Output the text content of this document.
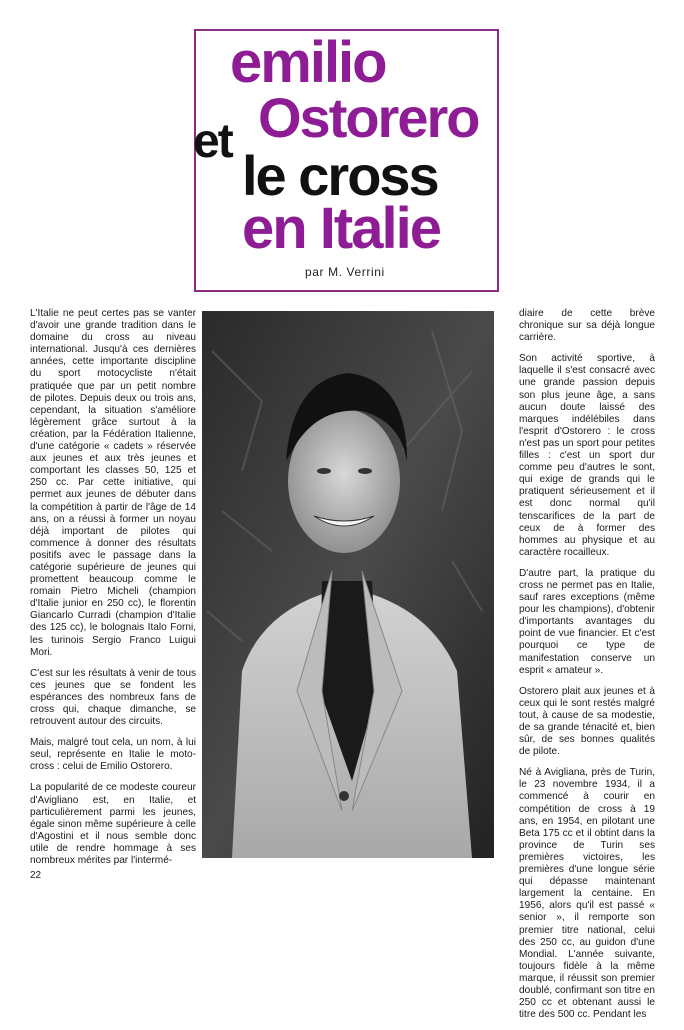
emilio
Ostorero
et
le cross
en Italie
par M. Verrini

L'Italie ne peut certes pas se vanter d'avoir une grande tradition dans le domaine du cross au niveau international. Jusqu'à ces dernières années, cette importante discipline du sport motocycliste n'était pratiquée que par un petit nombre de pilotes. Depuis deux ou trois ans, cependant, la situation s'améliore légèrement grâce surtout à la création, par la Fédération Italienne, d'une catégorie « cadets » réservée aux jeunes et aux très jeunes et comportant les classes 50, 125 et 250 cc. Par cette initiative, qui permet aux jeunes de débuter dans la compétition à partir de l'âge de 14 ans, on a réussi à former un noyau déjà important de pilotes qui commence à donner des résultats positifs avec le passage dans la catégorie supérieure de jeunes qui promettent beaucoup comme le romain Pietro Micheli (champion d'Italie junior en 250 cc), le florentin Giancarlo Curradi (champion d'Italie des 125 cc), le bolognais Italo Forni, les turinois Sergio Franco Luigui Mori.

C'est sur les résultats à venir de tous ces jeunes que se fondent les espérances des nombreux fans de cross qui, chaque dimanche, se retrouvent autour des circuits.

Mais, malgré tout cela, un nom, à lui seul, représente en Italie le moto-cross : celui de Emilio Ostorero.

La popularité de ce modeste coureur d'Avigliano est, en Italie, et particulièrement parmi les jeunes, égale sinon même supérieure à celle d'Agostini et il nous semble donc utile de rendre hommage à ses nombreux mérites par l'intermé-

diaire de cette brève chronique sur sa déjà longue carrière.

Son activité sportive, à laquelle il s'est consacré avec une grande passion depuis son plus jeune âge, a sans aucun doute laissé des marques indélébiles dans l'esprit d'Ostorero : le cross n'est pas un sport pour petites filles : c'est un sport dur comme peu d'autres le sont, qui exige de grands qui le pratiquent sérieusement et il est donc normal qu'il tenscarifices de la part de ceux de à former des hommes au physique et au caractère rocailleux.

D'autre part, la pratique du cross ne permet pas en Italie, sauf rares exceptions (même pour les champions), d'obtenir d'importants avantages du point de vue financier. Et c'est pourquoi ce type de manifestation conserve un esprit « amateur ».

Ostorero plait aux jeunes et à ceux qui le sont restés malgré tout, à cause de sa modestie, de sa grande ténacité et, bien sûr, de ses bonnes qualités de pilote.

Né à Avigliana, près de Turin, le 23 novembre 1934, il a commencé à courir en compétition de cross à 19 ans, en 1954, en pilotant une Beta 175 cc et il obtint dans la province de Turin ses premières victoires, les premières d'une longue série qui dépasse maintenant largement la centaine. En 1956, alors qu'il est passé « senior », il remporte son premier titre national, celui des 250 cc, au guidon d'une Mondial. L'année suivante, toujours fidèle à la même marque, il réussit son premier doublé, confirmant son titre en 250 cc et obtenant aussi le titre des 500 cc. Pendant les

22
